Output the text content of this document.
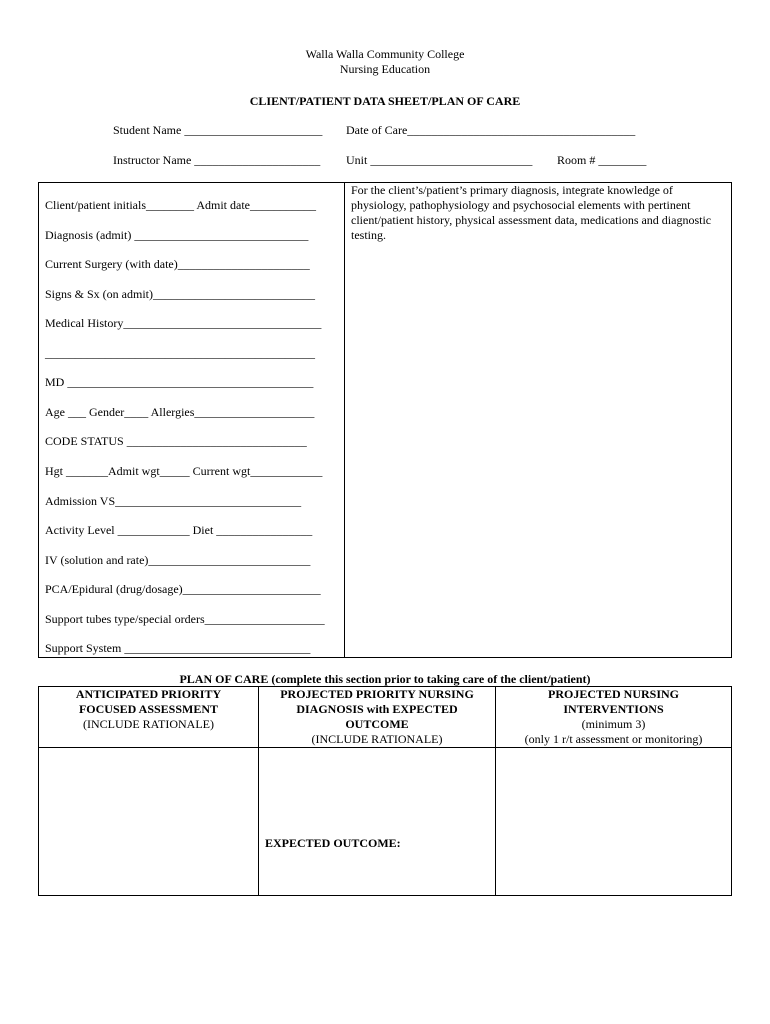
Walla Walla Community College
Nursing Education
CLIENT/PATIENT DATA SHEET/PLAN OF CARE
Student Name _______________________ Date of Care______________________________________
Instructor Name _____________________ Unit ___________________________ Room # ________
Client/patient initials________ Admit date___________
Diagnosis (admit) _____________________________
Current Surgery (with date)______________________
Signs & Sx (on admit)___________________________
Medical History_________________________________
_____________________________________________
MD _________________________________________
Age ___ Gender____ Allergies____________________
CODE STATUS ______________________________
Hgt _______Admit wgt_____ Current wgt____________
Admission VS_______________________________
Activity Level ____________ Diet ________________
IV (solution and rate)___________________________
PCA/Epidural (drug/dosage)_______________________
Support tubes type/special orders____________________
Support System _______________________________
For the client’s/patient’s primary diagnosis, integrate knowledge of physiology, pathophysiology and psychosocial elements with pertinent client/patient history, physical assessment data, medications and diagnostic testing.
PLAN OF CARE (complete this section prior to taking care of the client/patient)
ANTICIPATED PRIORITY
FOCUSED ASSESSMENT
(INCLUDE RATIONALE)
PROJECTED PRIORITY NURSING
DIAGNOSIS with EXPECTED
OUTCOME
(INCLUDE RATIONALE)
PROJECTED NURSING
INTERVENTIONS
(minimum 3)
(only 1 r/t assessment or monitoring)
EXPECTED OUTCOME:
